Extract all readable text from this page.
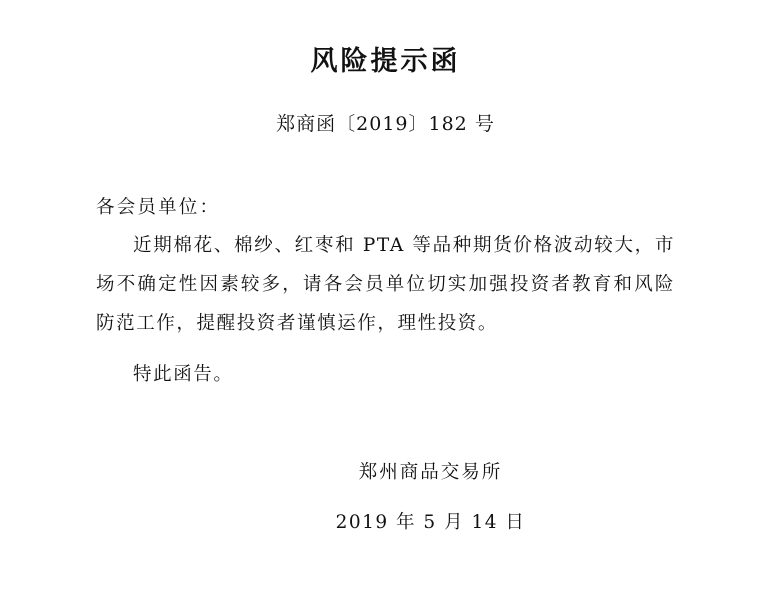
风险提示函
郑商函〔2019〕182 号
各会员单位：
近期棉花、棉纱、红枣和 PTA 等品种期货价格波动较大，市场不确定性因素较多，请各会员单位切实加强投资者教育和风险防范工作，提醒投资者谨慎运作，理性投资。
特此函告。
郑州商品交易所
2019 年 5 月 14 日
